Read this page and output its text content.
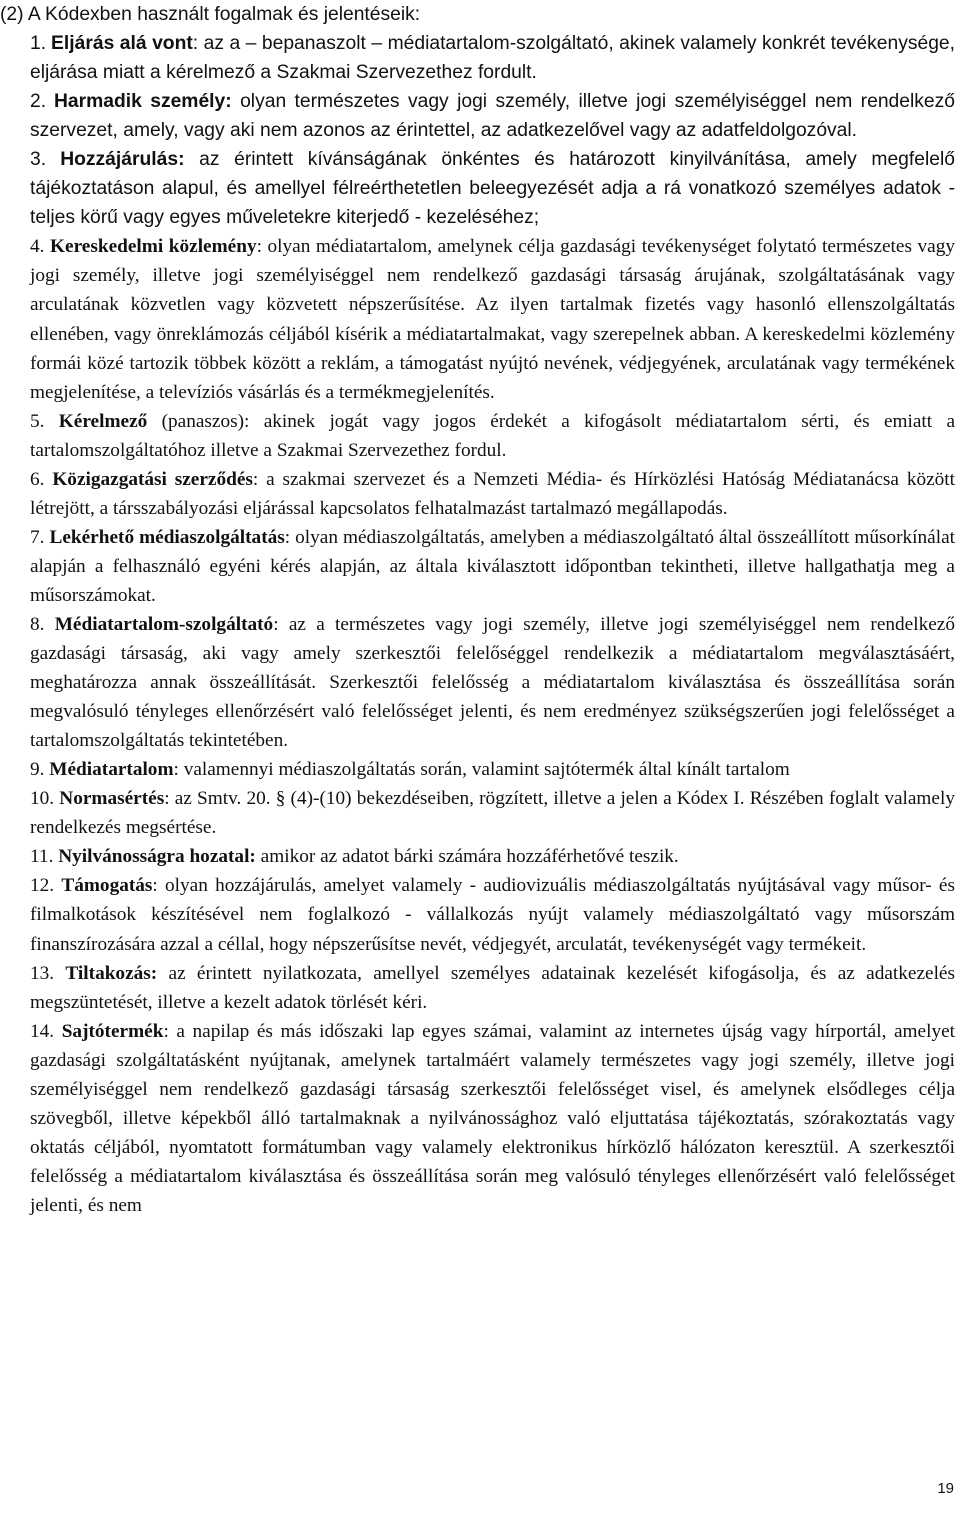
(2) A Kódexben használt fogalmak és jelentéseik:

1. Eljárás alá vont: az a – bepanaszolt – médiatartalom-szolgáltató, akinek valamely konkrét tevékenysége, eljárása miatt a kérelmező a Szakmai Szervezethez fordult.

2. Harmadik személy: olyan természetes vagy jogi személy, illetve jogi személyiséggel nem rendelkező szervezet, amely, vagy aki nem azonos az érintettel, az adatkezelővel vagy az adatfeldolgozóval.

3. Hozzájárulás: az érintett kívánságának önkéntes és határozott kinyilvánítása, amely megfelelő tájékoztatáson alapul, és amellyel félreérthetetlen beleegyezését adja a rá vonatkozó személyes adatok - teljes körű vagy egyes műveletekre kiterjedő - kezeléséhez;

4. Kereskedelmi közlemény: olyan médiatartalom, amelynek célja gazdasági tevékenységet folytató természetes vagy jogi személy, illetve jogi személyiséggel nem rendelkező gazdasági társaság árujának, szolgáltatásának vagy arculatának közvetlen vagy közvetett népszerűsítése. Az ilyen tartalmak fizetés vagy hasonló ellenszolgáltatás ellenében, vagy önreklámozás céljából kísérik a médiatartalmakat, vagy szerepelnek abban. A kereskedelmi közlemény formái közé tartozik többek között a reklám, a támogatást nyújtó nevének, védjegyének, arculatának vagy termékének megjelenítése, a televíziós vásárlás és a termékmegjelenítés.

5. Kérelmező (panaszos): akinek jogát vagy jogos érdekét a kifogásolt médiatartalom sérti, és emiatt a tartalomszolgáltatóhoz illetve a Szakmai Szervezethez fordul.

6. Közigazgatási szerződés: a szakmai szervezet és a Nemzeti Média- és Hírközlési Hatóság Médiatanácsa között létrejött, a társszabályozási eljárással kapcsolatos felhatalmazást tartalmazó megállapodás.

7. Lekérhető médiaszolgáltatás: olyan médiaszolgáltatás, amelyben a médiaszolgáltató által összeállított műsorkínálat alapján a felhasználó egyéni kérés alapján, az általa kiválasztott időpontban tekintheti, illetve hallgathatja meg a műsorszámokat.

8. Médiatartalom-szolgáltató: az a természetes vagy jogi személy, illetve jogi személyiséggel nem rendelkező gazdasági társaság, aki vagy amely szerkesztői felelőséggel rendelkezik a médiatartalom megválasztásáért, meghatározza annak összeállítását. Szerkesztői felelősség a médiatartalom kiválasztása és összeállítása során megvalósuló tényleges ellenőrzésért való felelősséget jelenti, és nem eredményez szükségszerűen jogi felelősséget a tartalomszolgáltatás tekintetében.

9. Médiatartalom: valamennyi médiaszolgáltatás során, valamint sajtótermék által kínált tartalom

10. Normasértés: az Smtv. 20. § (4)-(10) bekezdéseiben, rögzített, illetve a jelen a Kódex I. Részében foglalt valamely rendelkezés megsértése.

11. Nyilvánosságra hozatal: amikor az adatot bárki számára hozzáférhetővé teszik.

12. Támogatás: olyan hozzájárulás, amelyet valamely - audiovizuális médiaszolgáltatás nyújtásával vagy műsor- és filmalkotások készítésével nem foglalkozó - vállalkozás nyújt valamely médiaszolgáltató vagy műsorszám finanszírozására azzal a céllal, hogy népszerűsítse nevét, védjegyét, arculatát, tevékenységét vagy termékeit.

13. Tiltakozás: az érintett nyilatkozata, amellyel személyes adatainak kezelését kifogásolja, és az adatkezelés megszüntetését, illetve a kezelt adatok törlését kéri.

14. Sajtótermék: a napilap és más időszaki lap egyes számai, valamint az internetes újság vagy hírportál, amelyet gazdasági szolgáltatásként nyújtanak, amelynek tartalmáért valamely természetes vagy jogi személy, illetve jogi személyiséggel nem rendelkező gazdasági társaság szerkesztői felelősséget visel, és amelynek elsődleges célja szövegből, illetve képekből álló tartalmaknak a nyilvánossághoz való eljuttatása tájékoztatás, szórakoztatás vagy oktatás céljából, nyomtatott formátumban vagy valamely elektronikus hírközlő hálózaton keresztül. A szerkesztői felelősség a médiatartalom kiválasztása és összeállítása során meg valósuló tényleges ellenőrzésért való felelősséget jelenti, és nem

19
